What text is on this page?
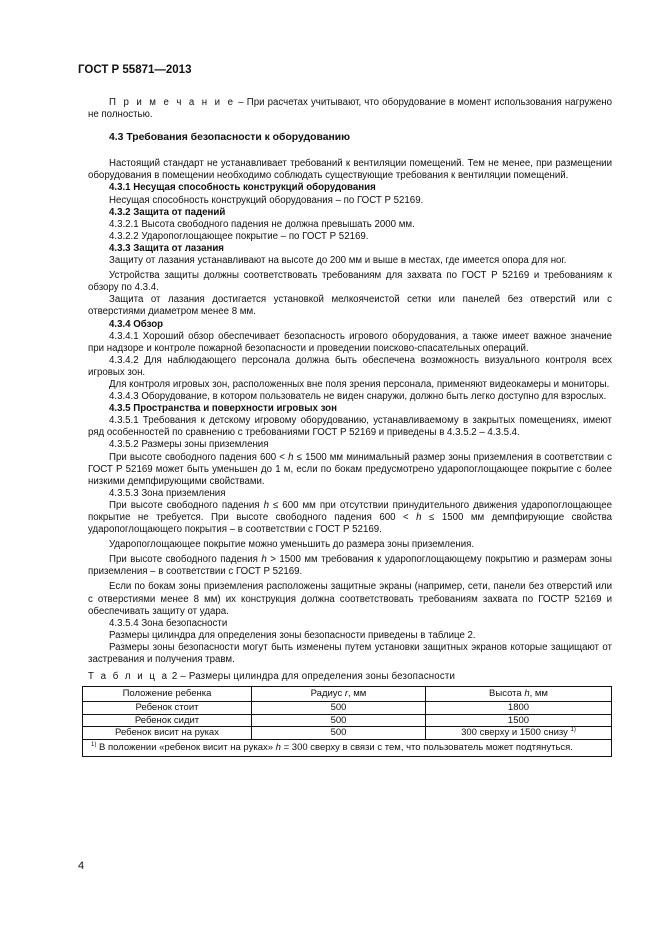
ГОСТ Р 55871—2013

П р и м е ч а н и е – При расчетах учитывают, что оборудование в момент использования нагружено не полностью.

4.3 Требования безопасности к оборудованию

Настоящий стандарт не устанавливает требований к вентиляции помещений. Тем не менее, при размещении оборудования в помещении необходимо соблюдать существующие требования к вентиляции помещений.

4.3.1 Несущая способность конструкций оборудования

Несущая способность конструкций оборудования – по ГОСТ Р 52169.

4.3.2 Защита от падений

4.3.2.1 Высота свободного падения не должна превышать 2000 мм.

4.3.2.2 Ударопоглощающее покрытие – по ГОСТ Р 52169.

4.3.3 Защита от лазания

Защиту от лазания устанавливают на высоте до 200 мм и выше в местах, где имеется опора для ног.

Устройства защиты должны соответствовать требованиям для захвата по ГОСТ Р 52169 и требованиям к обзору по 4.3.4.

Защита от лазания достигается установкой мелкоячеистой сетки или панелей без отверстий или с отверстиями диаметром менее 8 мм.

4.3.4 Обзор

4.3.4.1 Хороший обзор обеспечивает безопасность игрового оборудования, а также имеет важное значение при надзоре и контроле пожарной безопасности и проведении поисково-спасательных операций.

4.3.4.2 Для наблюдающего персонала должна быть обеспечена возможность визуального контроля всех игровых зон.

Для контроля игровых зон, расположенных вне поля зрения персонала, применяют видеокамеры и мониторы.

4.3.4.3 Оборудование, в котором пользователь не виден снаружи, должно быть легко доступно для взрослых.

4.3.5 Пространства и поверхности игровых зон

4.3.5.1 Требования к детскому игровому оборудованию, устанавливаемому в закрытых помещениях, имеют ряд особенностей по сравнению с требованиями ГОСТ Р 52169 и приведены в 4.3.5.2 – 4.3.5.4.

4.3.5.2 Размеры зоны приземления

При высоте свободного падения 600 < h ≤ 1500 мм минимальный размер зоны приземления в соответствии с ГОСТ Р 52169 может быть уменьшен до 1 м, если по бокам предусмотрено ударопоглощающее покрытие с более низкими демпфирующими свойствами.

4.3.5.3 Зона приземления

При высоте свободного падения h ≤ 600 мм при отсутствии принудительного движения ударопоглощающее покрытие не требуется. При высоте свободного падения 600 < h ≤ 1500 мм демпфирующие свойства ударопоглощающего покрытия – в соответствии с ГОСТ Р 52169.

Ударопоглощающее покрытие можно уменьшить до размера зоны приземления.

При высоте свободного падения h > 1500 мм требования к ударопоглощающему покрытию и размерам зоны приземления – в соответствии с ГОСТ Р 52169.

Если по бокам зоны приземления расположены защитные экраны (например, сети, панели без отверстий или с отверстиями менее 8 мм) их конструкция должна соответствовать требованиям захвата по ГОСТР 52169 и обеспечивать защиту от удара.

4.3.5.4 Зона безопасности

Размеры цилиндра для определения зоны безопасности приведены в таблице 2.

Размеры зоны безопасности могут быть изменены путем установки защитных экранов которые защищают от застревания и получения травм.

Т а б л и ц а 2 – Размеры цилиндра для определения зоны безопасности

Положение ребенка	Радиус r, мм	Высота h, мм
Ребенок стоит	500	1800
Ребенок сидит	500	1500
Ребенок висит на руках	500	300 сверху и 1500 снизу $^{1)}$
$^{1)}$ В положении «ребенок висит на руках» h = 300 сверху в связи с тем, что пользователь может подтянуться.		
4
